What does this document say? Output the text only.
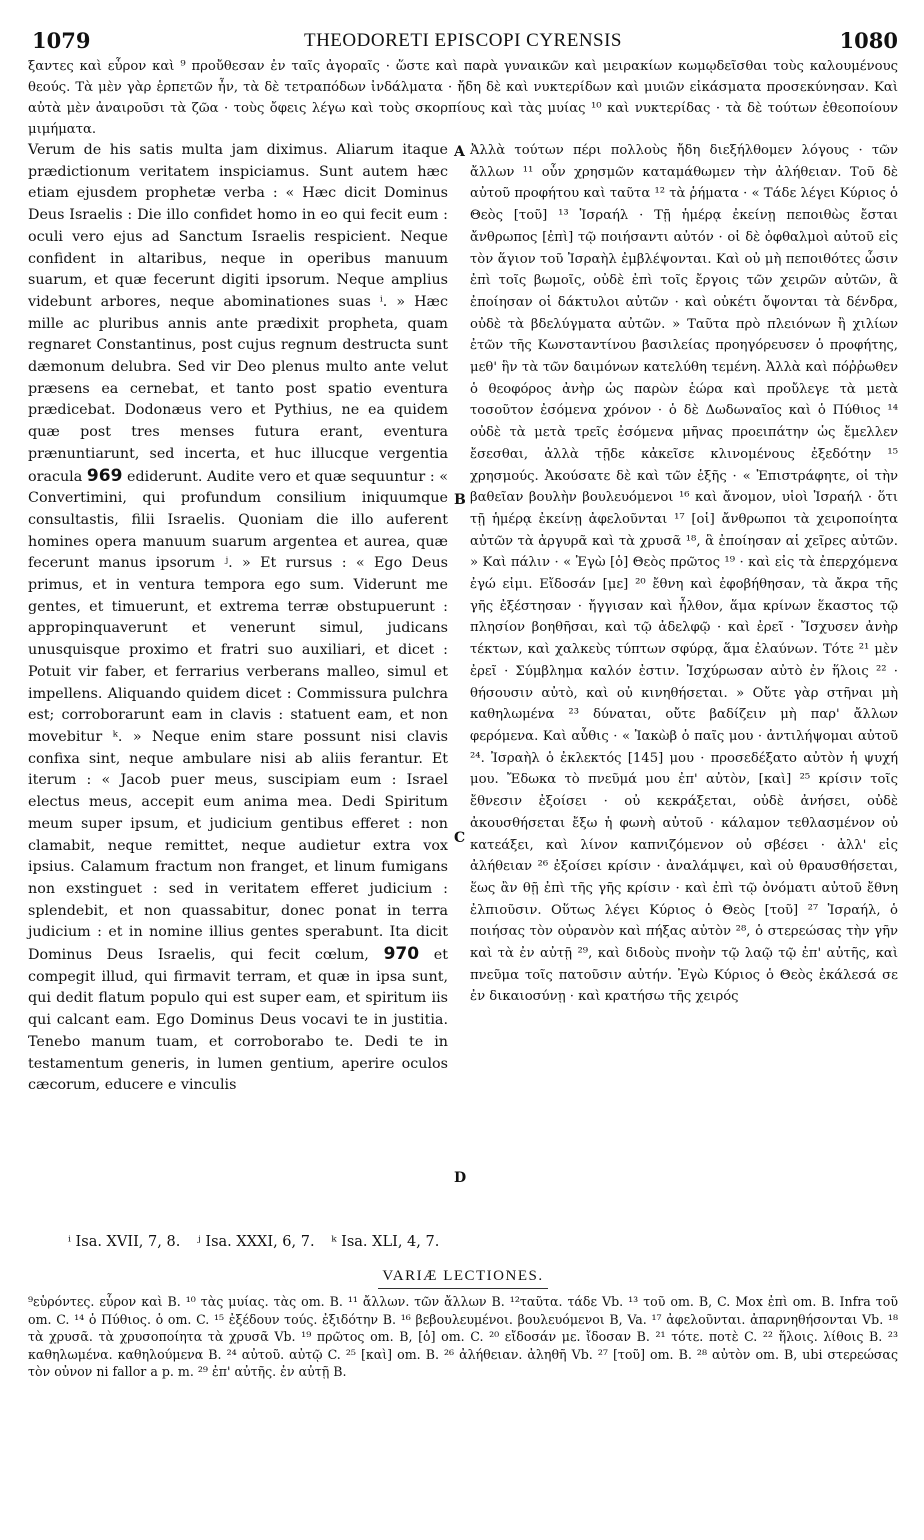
1079	THEODORETI EPISCOPI CYRENSIS	1080

ξαντες καὶ εὗρον καὶ ⁹ προὔθεσαν ἐν ταῖς ἀγοραῖς · ὥστε καὶ παρὰ γυναικῶν καὶ μειρακίων κωμῳδεῖσθαι τοὺς καλουμένους θεούς. Τὰ μὲν γὰρ ἑρπετῶν ἦν, τὰ δὲ τετραπόδων ἰνδάλματα · ἤδη δὲ καὶ νυκτερίδων καὶ μυιῶν εἰκάσματα προσεκύνησαν. Καὶ αὐτὰ μὲν ἀναιροῦσι τὰ ζῶα · τοὺς ὄφεις λέγω καὶ τοὺς σκορπίους καὶ τὰς μυίας ¹⁰ καὶ νυκτερίδας · τὰ δὲ τούτων ἐθεοποίουν μιμήματα.

Verum de his satis multa jam diximus. Aliarum itaque prædictionum veritatem inspiciamus. Sunt autem hæc etiam ejusdem prophetæ verba : « Hæc dicit Dominus Deus Israelis : Die illo confidet homo in eo qui fecit eum : oculi vero ejus ad Sanctum Israelis respicient. Neque confident in altaribus, neque in operibus manuum suarum, et quæ fecerunt digiti ipsorum. Neque amplius videbunt arbores, neque abominationes suas ⁱ. » Hæc mille ac pluribus annis ante prædixit propheta, quam regnaret Constantinus, post cujus regnum destructa sunt dæmonum delubra. Sed vir Deo plenus multo ante velut præsens ea cernebat, et tanto post spatio eventura prædicebat. Dodonæus vero et Pythius, ne ea quidem quæ post tres menses futura erant, eventura prænuntiarunt, sed incerta, et huc illucque vergentia oracula 969 ediderunt. Audite vero et quæ sequuntur : « Convertimini, qui profundum consilium iniquumque consultastis, filii Israelis. Quoniam die illo auferent homines opera manuum suarum argentea et aurea, quæ fecerunt manus ipsorum ʲ. » Et rursus : « Ego Deus primus, et in ventura tempora ego sum. Viderunt me gentes, et timuerunt, et extrema terræ obstupuerunt : appropinquaverunt et venerunt simul, judicans unusquisque proximo et fratri suo auxiliari, et dicet : Potuit vir faber, et ferrarius verberans malleo, simul et impellens. Aliquando quidem dicet : Commissura pulchra est; corroborarunt eam in clavis : statuent eam, et non movebitur ᵏ. » Neque enim stare possunt nisi clavis confixa sint, neque ambulare nisi ab aliis ferantur. Et iterum : « Jacob puer meus, suscipiam eum : Israel electus meus, accepit eum anima mea. Dedi Spiritum meum super ipsum, et judicium gentibus efferet : non clamabit, neque remittet, neque audietur extra vox ipsius. Calamum fractum non franget, et linum fumigans non exstinguet : sed in veritatem efferet judicium : splendebit, et non quassabitur, donec ponat in terra judicium : et in nomine illius gentes sperabunt. Ita dicit Dominus Deus Israelis, qui fecit cœlum, 970 et compegit illud, qui firmavit terram, et quæ in ipsa sunt, qui dedit flatum populo qui est super eam, et spiritum iis qui calcant eam. Ego Dominus Deus vocavi te in justitia. Tenebo manum tuam, et corroborabo te. Dedi te in testamentum generis, in lumen gentium, aperire oculos cæcorum, educere e vinculis

A
B
C
D

Ἀλλὰ τούτων πέρι πολλοὺς ἤδη διεξήλθομεν λόγους · τῶν ἄλλων ¹¹ οὖν χρησμῶν καταμάθωμεν τὴν ἀλήθειαν. Τοῦ δὲ αὐτοῦ προφήτου καὶ ταῦτα ¹² τὰ ῥήματα · « Τάδε λέγει Κύριος ὁ Θεὸς [τοῦ] ¹³ Ἰσραήλ · Τῇ ἡμέρᾳ ἐκείνῃ πεποιθὼς ἔσται ἄνθρωπος [ἐπὶ] τῷ ποιήσαντι αὐτόν · οἱ δὲ ὀφθαλμοὶ αὐτοῦ εἰς τὸν ἅγιον τοῦ Ἰσραὴλ ἐμβλέψονται. Καὶ οὐ μὴ πεποιθότες ὦσιν ἐπὶ τοῖς βωμοῖς, οὐδὲ ἐπὶ τοῖς ἔργοις τῶν χειρῶν αὐτῶν, ἃ ἐποίησαν οἱ δάκτυλοι αὐτῶν · καὶ οὐκέτι ὄψονται τὰ δένδρα, οὐδὲ τὰ βδελύγματα αὐτῶν. » Ταῦτα πρὸ πλειόνων ἢ χιλίων ἐτῶν τῆς Κωνσταντίνου βασιλείας προηγόρευσεν ὁ προφήτης, μεθ' ἣν τὰ τῶν δαιμόνων κατελύθη τεμένη. Ἀλλὰ καὶ πόῤῥωθεν ὁ θεοφόρος ἀνὴρ ὡς παρὼν ἑώρα καὶ προὔλεγε τὰ μετὰ τοσοῦτον ἐσόμενα χρόνον · ὁ δὲ Δωδωναῖος καὶ ὁ Πύθιος ¹⁴ οὐδὲ τὰ μετὰ τρεῖς ἐσόμενα μῆνας προειπάτην ὡς ἔμελλεν ἔσεσθαι, ἀλλὰ τῇδε κἀκεῖσε κλινομένους ἐξεδότην ¹⁵ χρησμούς. Ἀκούσατε δὲ καὶ τῶν ἑξῆς · « Ἐπιστράφητε, οἱ τὴν βαθεῖαν βουλὴν βουλευόμενοι ¹⁶ καὶ ἄνομον, υἱοὶ Ἰσραήλ · ὅτι τῇ ἡμέρᾳ ἐκείνῃ ἀφελοῦνται ¹⁷ [οἱ] ἄνθρωποι τὰ χειροποίητα αὐτῶν τὰ ἀργυρᾶ καὶ τὰ χρυσᾶ ¹⁸, ἃ ἐποίησαν αἱ χεῖρες αὐτῶν. » Καὶ πάλιν · « Ἐγὼ [ὁ] Θεὸς πρῶτος ¹⁹ · καὶ εἰς τὰ ἐπερχόμενα ἐγώ εἰμι. Εἴδοσάν [με] ²⁰ ἔθνη καὶ ἐφοβήθησαν, τὰ ἄκρα τῆς γῆς ἐξέστησαν · ἤγγισαν καὶ ἦλθον, ἅμα κρίνων ἕκαστος τῷ πλησίον βοηθῆσαι, καὶ τῷ ἀδελφῷ · καὶ ἐρεῖ · Ἴσχυσεν ἀνὴρ τέκτων, καὶ χαλκεὺς τύπτων σφύρᾳ, ἅμα ἐλαύνων. Τότε ²¹ μὲν ἐρεῖ · Σύμβλημα καλόν ἐστιν. Ἰσχύρωσαν αὐτὸ ἐν ἥλοις ²² · θήσουσιν αὐτὸ, καὶ οὐ κινηθήσεται. » Οὔτε γὰρ στῆναι μὴ καθηλωμένα ²³ δύναται, οὔτε βαδίζειν μὴ παρ' ἄλλων φερόμενα. Καὶ αὖθις · « Ἰακὼβ ὁ παῖς μου · ἀντιλήψομαι αὐτοῦ ²⁴. Ἰσραὴλ ὁ ἐκλεκτός [145] μου · προσεδέξατο αὐτὸν ἡ ψυχή μου. Ἔδωκα τὸ πνεῦμά μου ἐπ' αὐτὸν, [καὶ] ²⁵ κρίσιν τοῖς ἔθνεσιν ἐξοίσει · οὐ κεκράξεται, οὐδὲ ἀνήσει, οὐδὲ ἀκουσθήσεται ἔξω ἡ φωνὴ αὐτοῦ · κάλαμον τεθλασμένον οὐ κατεάξει, καὶ λίνον καπνιζόμενον οὐ σβέσει · ἀλλ' εἰς ἀλήθειαν ²⁶ ἐξοίσει κρίσιν · ἀναλάμψει, καὶ οὐ θραυσθήσεται, ἕως ἂν θῇ ἐπὶ τῆς γῆς κρίσιν · καὶ ἐπὶ τῷ ὀνόματι αὐτοῦ ἔθνη ἐλπιοῦσιν. Οὕτως λέγει Κύριος ὁ Θεὸς [τοῦ] ²⁷ Ἰσραήλ, ὁ ποιήσας τὸν οὐρανὸν καὶ πήξας αὐτὸν ²⁸, ὁ στερεώσας τὴν γῆν καὶ τὰ ἐν αὐτῇ ²⁹, καὶ διδοὺς πνοὴν τῷ λαῷ τῷ ἐπ' αὐτῆς, καὶ πνεῦμα τοῖς πατοῦσιν αὐτήν. Ἐγὼ Κύριος ὁ Θεὸς ἐκάλεσά σε ἐν δικαιοσύνῃ · καὶ κρατήσω τῆς χειρός

ⁱ Isa. XVII, 7, 8. ʲ Isa. XXXI, 6, 7. ᵏ Isa. XLI, 4, 7.
VARIÆ LECTIONES.
⁹εὑρόντες. εὗρον καὶ B. ¹⁰ τὰς μυίας. τὰς om. B. ¹¹ ἄλλων. τῶν ἄλλων B. ¹²ταῦτα. τάδε Vb. ¹³ τοῦ om. B, C. Mox ἐπὶ om. B. Infra τοῦ om. C. ¹⁴ ὁ Πύθιος. ὁ om. C. ¹⁵ ἐξέδουν τούς. ἐξιδότην B. ¹⁶ βεβουλευμένοι. βουλευόμενοι B, Va. ¹⁷ ἀφελοῦνται. ἀπαρνηθήσονται Vb. ¹⁸ τὰ χρυσᾶ. τὰ χρυσοποίητα τὰ χρυσᾶ Vb. ¹⁹ πρῶτος om. B, [ὁ] om. C. ²⁰ εἴδοσάν με. ἴδοσαν B. ²¹ τότε. ποτὲ C. ²² ἥλοις. λίθοις B. ²³ καθηλωμένα. καθηλούμενα B. ²⁴ αὐτοῦ. αὐτῷ C. ²⁵ [καὶ] om. B. ²⁶ ἀλήθειαν. ἀληθῆ Vb. ²⁷ [τοῦ] om. B. ²⁸ αὐτὸν om. B, ubi στερεώσας τὸν οὐνον ni fallor a p. m. ²⁹ ἐπ' αὐτῆς. ἐν αὐτῇ B.
